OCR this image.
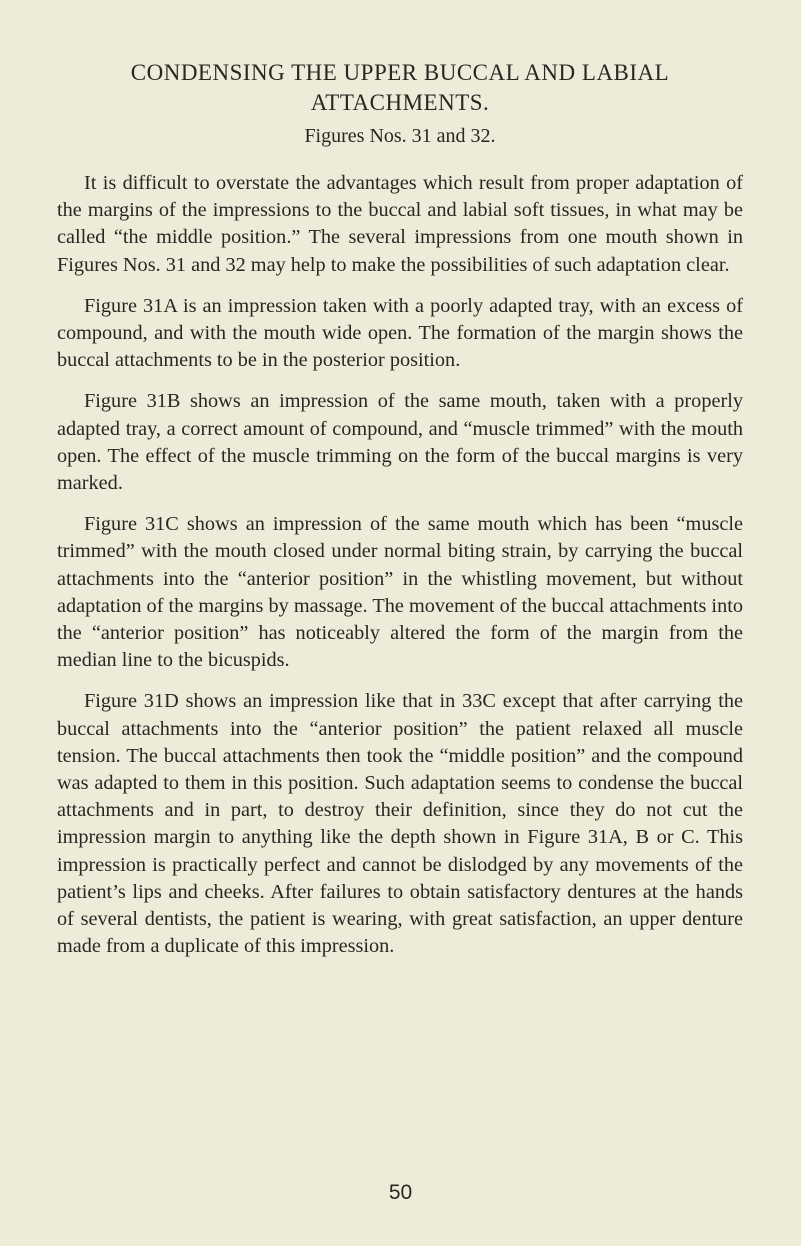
CONDENSING THE UPPER BUCCAL AND LABIAL
ATTACHMENTS.

Figures Nos. 31 and 32.

It is difficult to overstate the advantages which result from proper adaptation of the margins of the impressions to the buccal and labial soft tissues, in what may be called “the middle position.” The several impressions from one mouth shown in Figures Nos. 31 and 32 may help to make the possibilities of such adaptation clear.

Figure 31A is an impression taken with a poorly adapted tray, with an excess of compound, and with the mouth wide open. The formation of the margin shows the buccal attachments to be in the posterior position.

Figure 31B shows an impression of the same mouth, taken with a properly adapted tray, a correct amount of compound, and “muscle trimmed” with the mouth open. The effect of the muscle trimming on the form of the buccal margins is very marked.

Figure 31C shows an impression of the same mouth which has been “muscle trimmed” with the mouth closed under normal biting strain, by carrying the buccal attachments into the “anterior position” in the whistling movement, but without adaptation of the margins by massage. The movement of the buccal attachments into the “anterior position” has noticeably altered the form of the margin from the median line to the bicuspids.

Figure 31D shows an impression like that in 33C except that after carrying the buccal attachments into the “anterior position” the patient relaxed all muscle tension. The buccal attachments then took the “middle position” and the compound was adapted to them in this position. Such adaptation seems to condense the buccal attachments and in part, to destroy their definition, since they do not cut the impression margin to anything like the depth shown in Figure 31A, B or C. This impression is practically perfect and cannot be dislodged by any movements of the patient’s lips and cheeks. After failures to obtain satisfactory dentures at the hands of several dentists, the patient is wearing, with great satisfaction, an upper denture made from a duplicate of this impression.

50
